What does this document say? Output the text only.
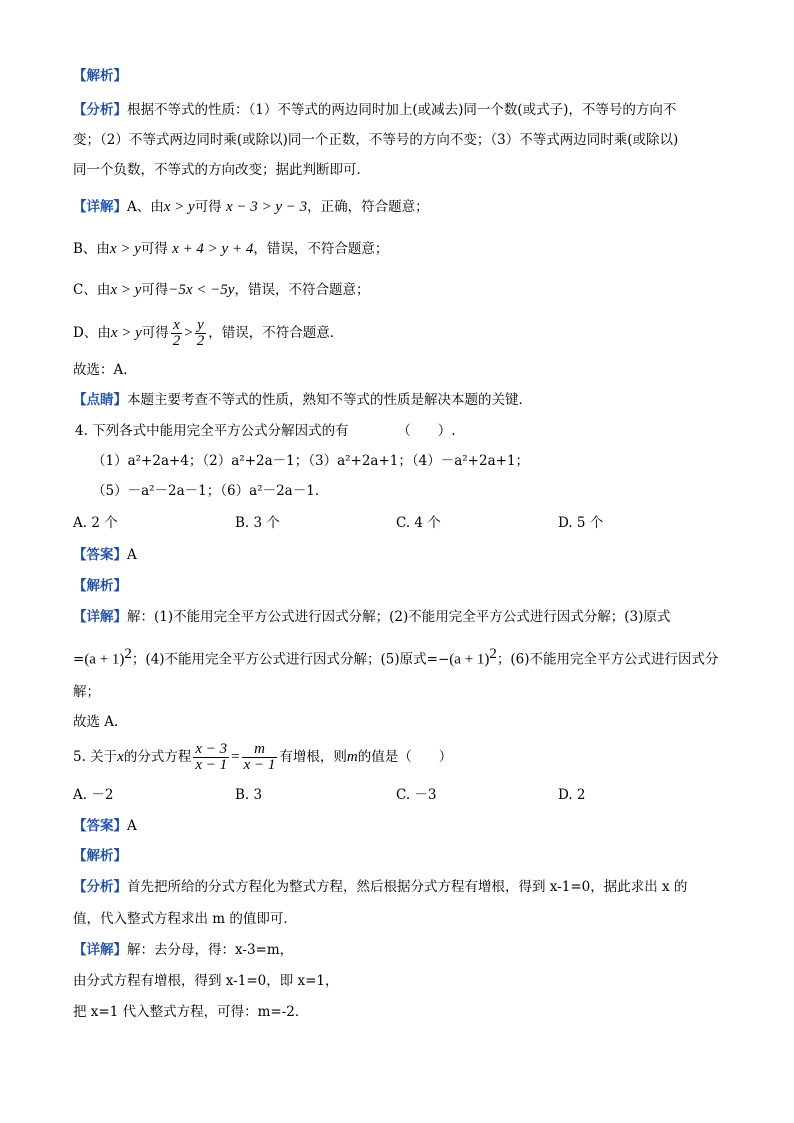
【解析】
【分析】根据不等式的性质：（1）不等式的两边同时加上(或减去)同一个数(或式子)，不等号的方向不
变；（2）不等式两边同时乘(或除以)同一个正数，不等号的方向不变；（3）不等式两边同时乘(或除以)
同一个负数，不等式的方向改变；据此判断即可．
【详解】A、由x > y可得 x − 3 > y − 3，正确，符合题意；
B、由x > y可得 x + 4 > y + 4，错误，不符合题意；
C、由x > y可得−5x < −5y，错误，不符合题意；
D、由x > y可得 $\frac{x}{2} > \frac{y}{2}$ ，错误，不符合题意．
故选：A．
【点睛】本题主要考查不等式的性质，熟知不等式的性质是解决本题的关键．
4. 下列各式中能用完全平方公式分解因式的有	（　　）.
（1）a²+2a+4；（2）a²+2a－1；（3）a²+2a+1；（4）－a²+2a+1；
（5）－a²－2a－1；（6）a²－2a－1.
A. 2 个	B. 3 个	C. 4 个	D. 5 个
【答案】A
【解析】
【详解】解：(1)不能用完全平方公式进行因式分解；(2)不能用完全平方公式进行因式分解；(3)原式
$=(a + 1)^2$；(4)不能用完全平方公式进行因式分解；(5)原式$=-(a + 1)^2$；(6)不能用完全平方公式进行因式分
解；
故选 A.
5. 关于x的分式方程 $\frac{x - 3}{x - 1} = \frac{m}{x - 1}$ 有增根，则m的值是（　　）
A. －2	B. 3	C. －3	D. 2
【答案】A
【解析】
【分析】首先把所给的分式方程化为整式方程，然后根据分式方程有增根，得到 x-1=0，据此求出 x 的
值，代入整式方程求出 m 的值即可．
【详解】解：去分母，得：x-3=m，
由分式方程有增根，得到 x-1=0，即 x=1，
把 x=1 代入整式方程，可得：m=-2．
